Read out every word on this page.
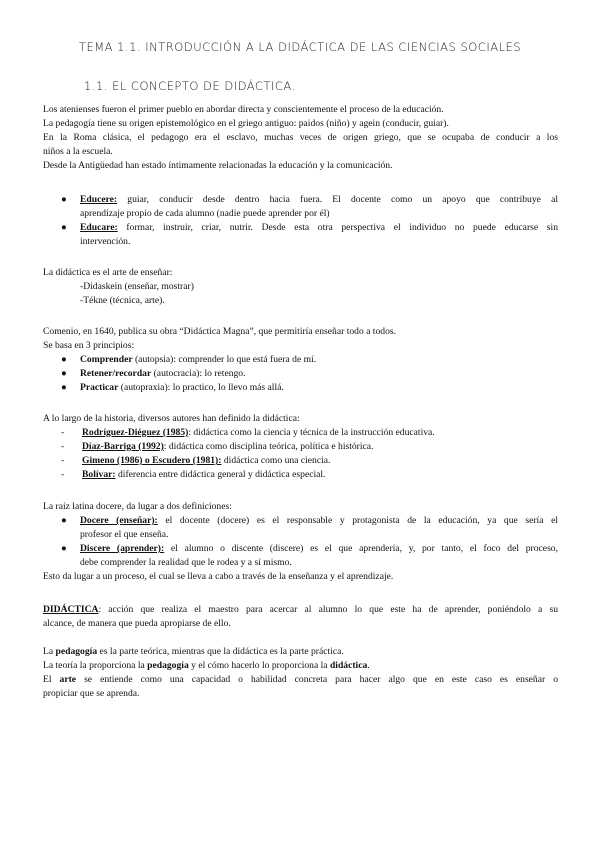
TEMA 1.1. INTRODUCCIÓN A LA DIDÁCTICA DE LAS CIENCIAS SOCIALES
1.1. EL CONCEPTO DE DIDÁCTICA.
Los atenienses fueron el primer pueblo en abordar directa y conscientemente el proceso de la educación.
La pedagogía tiene su origen epistemológico en el griego antiguo: paidos (niño) y agein (conducir, guiar).
En la Roma clásica, el pedagogo era el esclavo, muchas veces de origen griego, que se ocupaba de conducir a los
niños a la escuela.
Desde la Antigüedad han estado íntimamente relacionadas la educación y la comunicación.
● Educere: guiar, conducir desde dentro hacia fuera. El docente como un apoyo que contribuye al
aprendizaje propio de cada alumno (nadie puede aprender por él)
● Educare: formar, instruir, criar, nutrir. Desde esta otra perspectiva el individuo no puede educarse sin
intervención.
La didáctica es el arte de enseñar:
-Didaskein (enseñar, mostrar)
-Tékne (técnica, arte).
Comenio, en 1640, publica su obra “Didáctica Magna”, que permitiría enseñar todo a todos.
Se basa en 3 principios:
● Comprender (autopsia): comprender lo que está fuera de mí.
● Retener/recordar (autocracia): lo retengo.
● Practicar (autopraxia): lo practico, lo llevo más allá.
A lo largo de la historia, diversos autores han definido la didáctica:
- Rodríguez-Diéguez (1985): didáctica como la ciencia y técnica de la instrucción educativa.
- Díaz-Barriga (1992): didáctica como disciplina teórica, política e histórica.
- Gimeno (1986) o Escudero (1981): didáctica como una ciencia.
- Bolívar: diferencia entre didáctica general y didáctica especial.
La raíz latina docere, da lugar a dos definiciones:
● Docere (enseñar): el docente (docere) es el responsable y protagonista de la educación, ya que sería el
profesor el que enseña.
● Discere (aprender): el alumno o discente (discere) es el que aprendería, y, por tanto, el foco del proceso,
debe comprender la realidad que le rodea y a sí mismo.
Esto da lugar a un proceso, el cual se lleva a cabo a través de la enseñanza y el aprendizaje.
DIDÁCTICA: acción que realiza el maestro para acercar al alumno lo que este ha de aprender, poniéndolo a su
alcance, de manera que pueda apropiarse de ello.
La pedagogía es la parte teórica, mientras que la didáctica es la parte práctica.
La teoría la proporciona la pedagogía y el cómo hacerlo lo proporciona la didáctica.
El arte se entiende como una capacidad o habilidad concreta para hacer algo que en este caso es enseñar o
propiciar que se aprenda.
